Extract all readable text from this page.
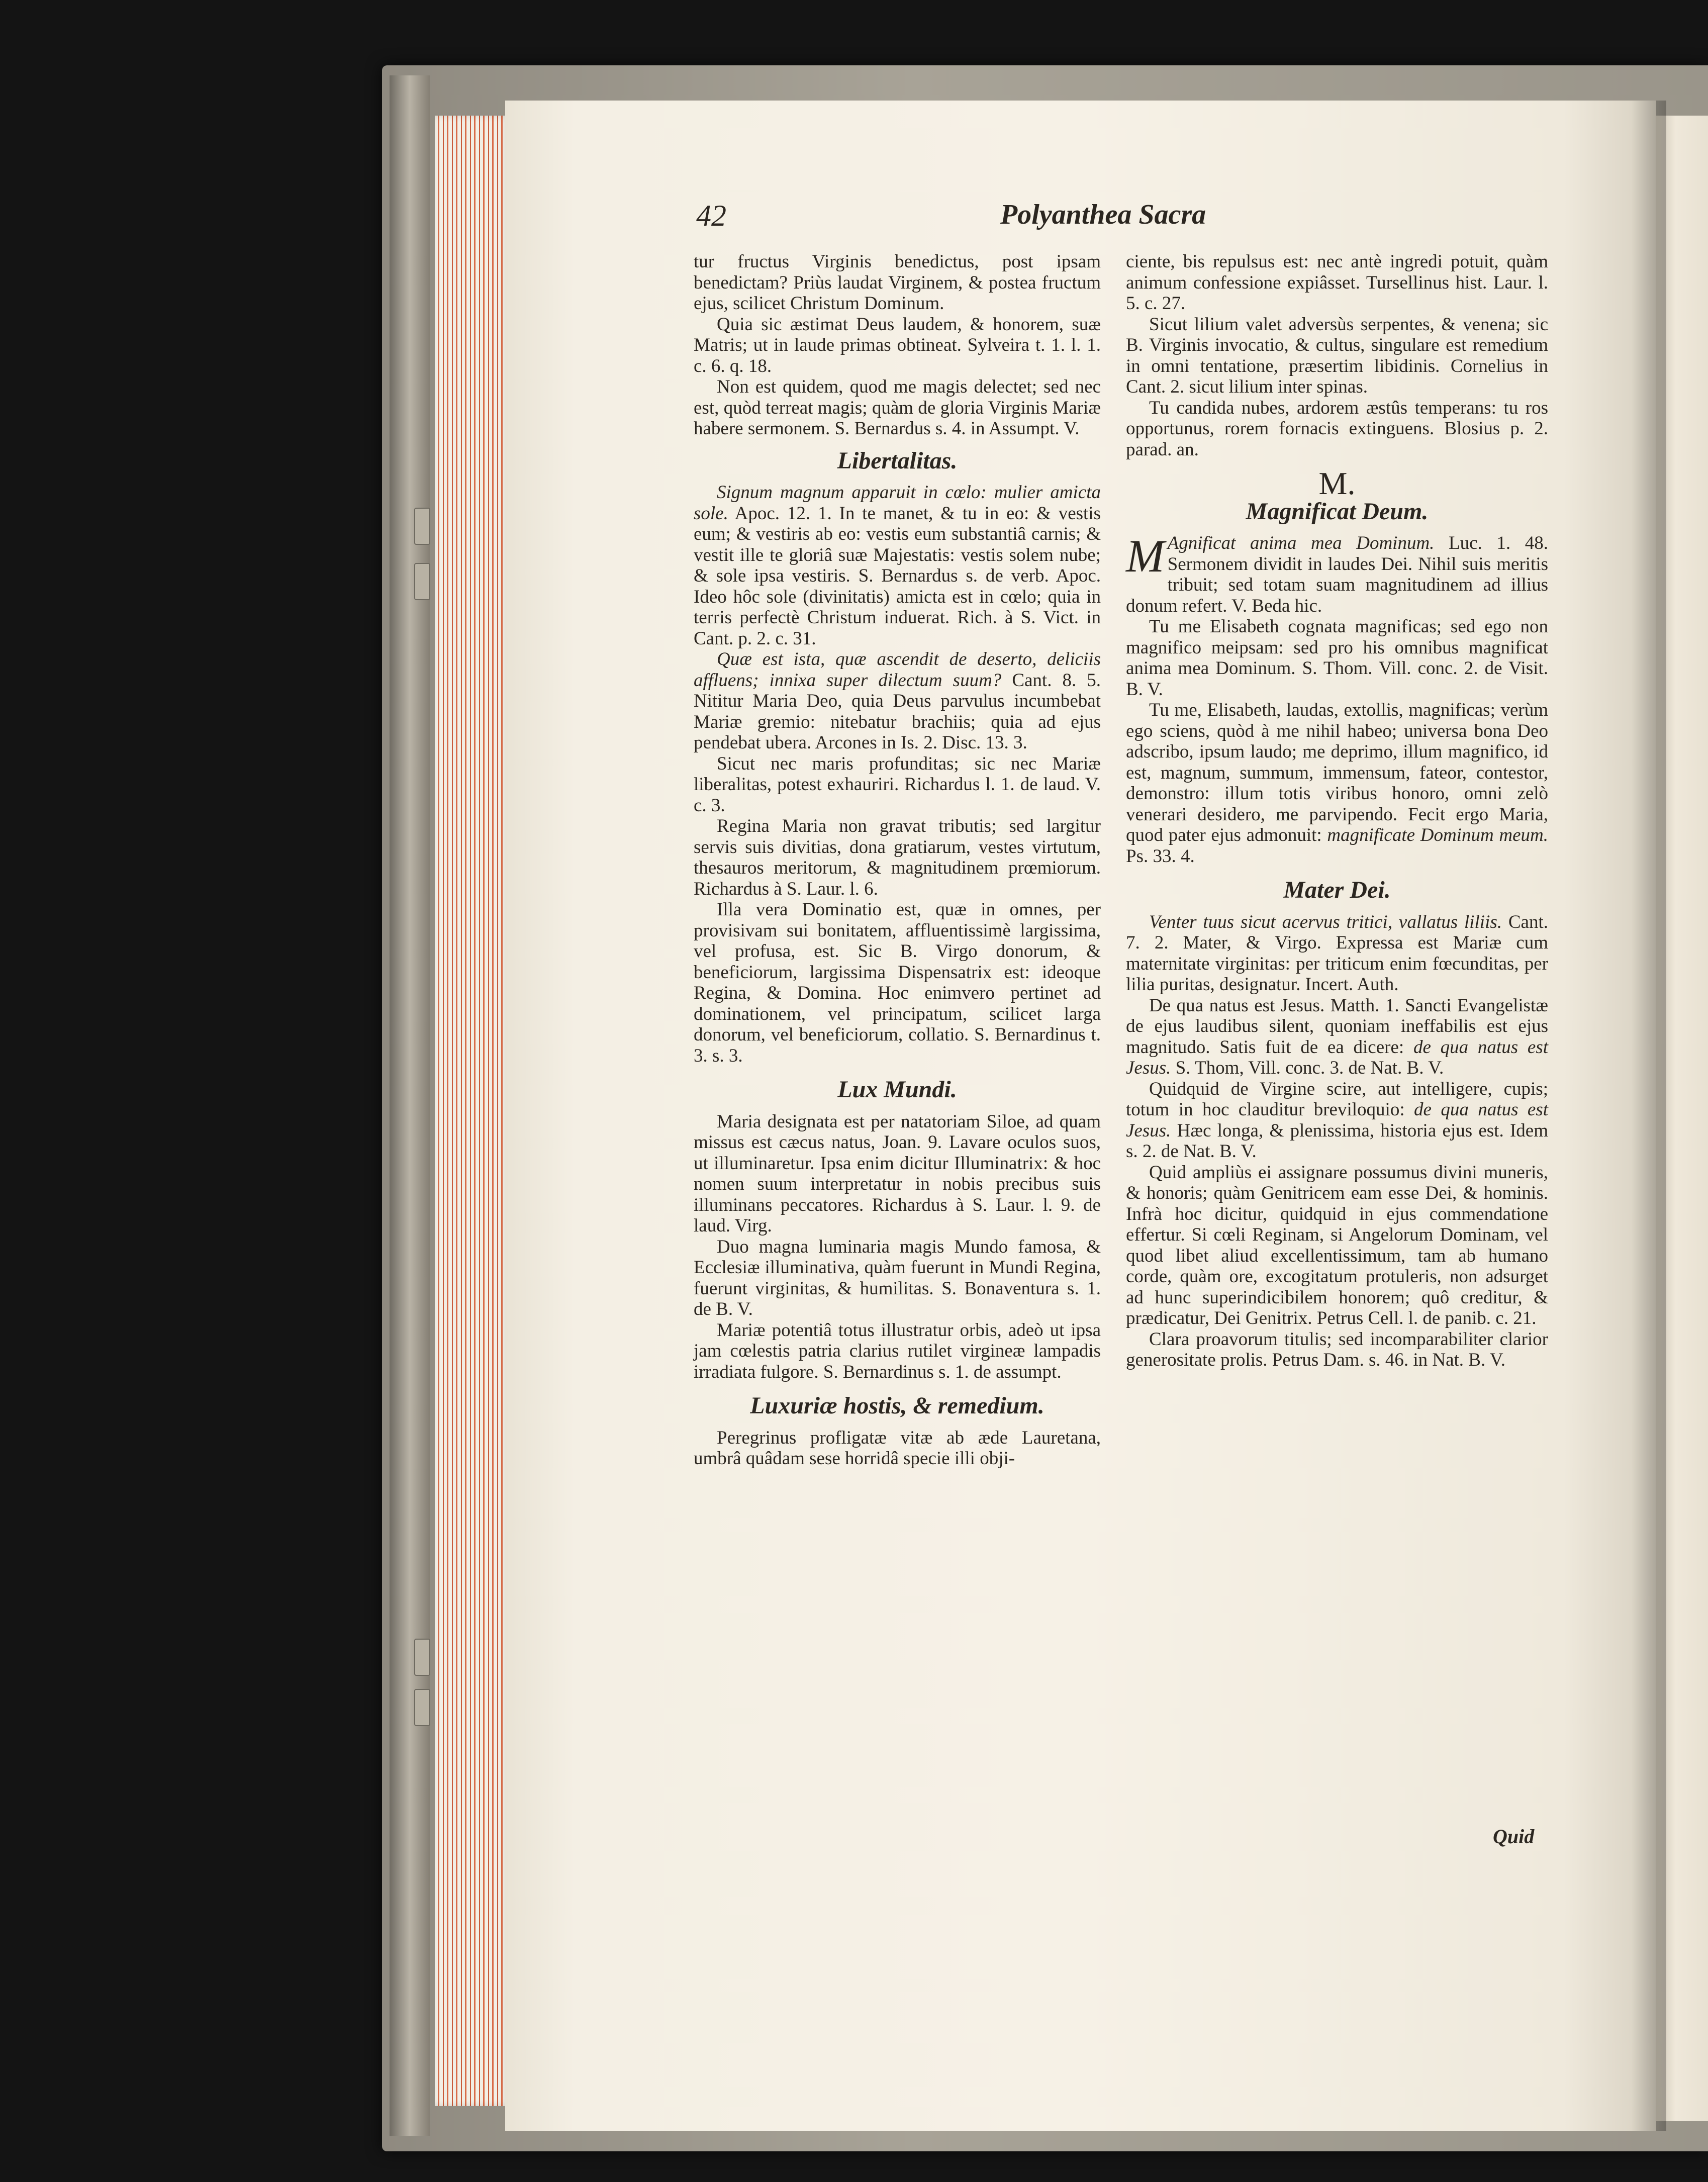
42	Polyanthea Sacra

tur fructus Virginis benedictus, post ipsam benedictam? Priùs laudat Virginem, & postea fructum ejus, scilicet Christum Dominum.

Quia sic æstimat Deus laudem, & honorem, suæ Matris; ut in laude primas obtineat. Sylveira t. 1. l. 1. c. 6. q. 18.

Non est quidem, quod me magis delectet; sed nec est, quòd terreat magis; quàm de gloria Virginis Mariæ habere sermonem. S. Bernardus s. 4. in Assumpt. V.

Libertalitas.

Signum magnum apparuit in cœlo: mulier amicta sole. Apoc. 12. 1. In te manet, & tu in eo: & vestis eum; & vestiris ab eo: vestis eum substantiâ carnis; & vestit ille te gloriâ suæ Majestatis: vestis solem nube; & sole ipsa vestiris. S. Bernardus s. de verb. Apoc. Ideo hôc sole (divinitatis) amicta est in cœlo; quia in terris perfectè Christum induerat. Rich. à S. Vict. in Cant. p. 2. c. 31.

Quæ est ista, quæ ascendit de deserto, deliciis affluens; innixa super dilectum suum? Cant. 8. 5. Nititur Maria Deo, quia Deus parvulus incumbebat Mariæ gremio: nitebatur brachiis; quia ad ejus pendebat ubera. Arcones in Is. 2. Disc. 13. 3.

Sicut nec maris profunditas; sic nec Mariæ liberalitas, potest exhauriri. Richardus l. 1. de laud. V. c. 3.

Regina Maria non gravat tributis; sed largitur servis suis divitias, dona gratiarum, vestes virtutum, thesauros meritorum, & magnitudinem prœmiorum. Richardus à S. Laur. l. 6.

Illa vera Dominatio est, quæ in omnes, per provisivam sui bonitatem, affluentissimè largissima, vel profusa, est. Sic B. Virgo donorum, & beneficiorum, largissima Dispensatrix est: ideoque Regina, & Domina. Hoc enimvero pertinet ad dominationem, vel principatum, scilicet larga donorum, vel beneficiorum, collatio. S. Bernardinus t. 3. s. 3.

Lux Mundi.

Maria designata est per natatoriam Siloe, ad quam missus est cæcus natus, Joan. 9. Lavare oculos suos, ut illuminaretur. Ipsa enim dicitur Illuminatrix: & hoc nomen suum interpretatur in nobis precibus suis illuminans peccatores. Richardus à S. Laur. l. 9. de laud. Virg.

Duo magna luminaria magis Mundo famosa, & Ecclesiæ illuminativa, quàm fuerunt in Mundi Regina, fuerunt virginitas, & humilitas. S. Bonaventura s. 1. de B. V.

Mariæ potentiâ totus illustratur orbis, adeò ut ipsa jam cœlestis patria clarius rutilet virgineæ lampadis irradiata fulgore. S. Bernardinus s. 1. de assumpt.

Luxuriæ hostis, & remedium.

Peregrinus profligatæ vitæ ab æde Lauretana, umbrâ quâdam sese horridâ specie illi obji-

ciente, bis repulsus est: nec antè ingredi potuit, quàm animum confessione expiâsset. Tursellinus hist. Laur. l. 5. c. 27.

Sicut lilium valet adversùs serpentes, & venena; sic B. Virginis invocatio, & cultus, singulare est remedium in omni tentatione, præsertim libidinis. Cornelius in Cant. 2. sicut lilium inter spinas.

Tu candida nubes, ardorem æstûs temperans: tu ros opportunus, rorem fornacis extinguens. Blosius p. 2. parad. an.

M.
Magnificat Deum.

M Agnificat anima mea Dominum. Luc. 1. 48. Sermonem dividit in laudes Dei. Nihil suis meritis tribuit; sed totam suam magnitudinem ad illius donum refert. V. Beda hic.

Tu me Elisabeth cognata magnificas; sed ego non magnifico meipsam: sed pro his omnibus magnificat anima mea Dominum. S. Thom. Vill. conc. 2. de Visit. B. V.

Tu me, Elisabeth, laudas, extollis, magnificas; verùm ego sciens, quòd à me nihil habeo; universa bona Deo adscribo, ipsum laudo; me deprimo, illum magnifico, id est, magnum, summum, immensum, fateor, contestor, demonstro: illum totis viribus honoro, omni zelò venerari desidero, me parvipendo. Fecit ergo Maria, quod pater ejus admonuit: magnificate Dominum meum. Ps. 33. 4.

Mater Dei.

Venter tuus sicut acervus tritici, vallatus liliis. Cant. 7. 2. Mater, & Virgo. Expressa est Mariæ cum maternitate virginitas: per triticum enim fœcunditas, per lilia puritas, designatur. Incert. Auth.

De qua natus est Jesus. Matth. 1. Sancti Evangelistæ de ejus laudibus silent, quoniam ineffabilis est ejus magnitudo. Satis fuit de ea dicere: de qua natus est Jesus. S. Thom, Vill. conc. 3. de Nat. B. V.

Quidquid de Virgine scire, aut intelligere, cupis; totum in hoc clauditur breviloquio: de qua natus est Jesus. Hæc longa, & plenissima, historia ejus est. Idem s. 2. de Nat. B. V.

Quid ampliùs ei assignare possumus divini muneris, & honoris; quàm Genitricem eam esse Dei, & hominis. Infrà hoc dicitur, quidquid in ejus commendatione effertur. Si cœli Reginam, si Angelorum Dominam, vel quod libet aliud excellentissimum, tam ab humano corde, quàm ore, excogitatum protuleris, non adsurget ad hunc superindicibilem honorem; quô creditur, & prædicatur, Dei Genitrix. Petrus Cell. l. de panib. c. 21.

Clara proavorum titulis; sed incomparabiliter clarior generositate prolis. Petrus Dam. s. 46. in Nat. B. V.

Quid
